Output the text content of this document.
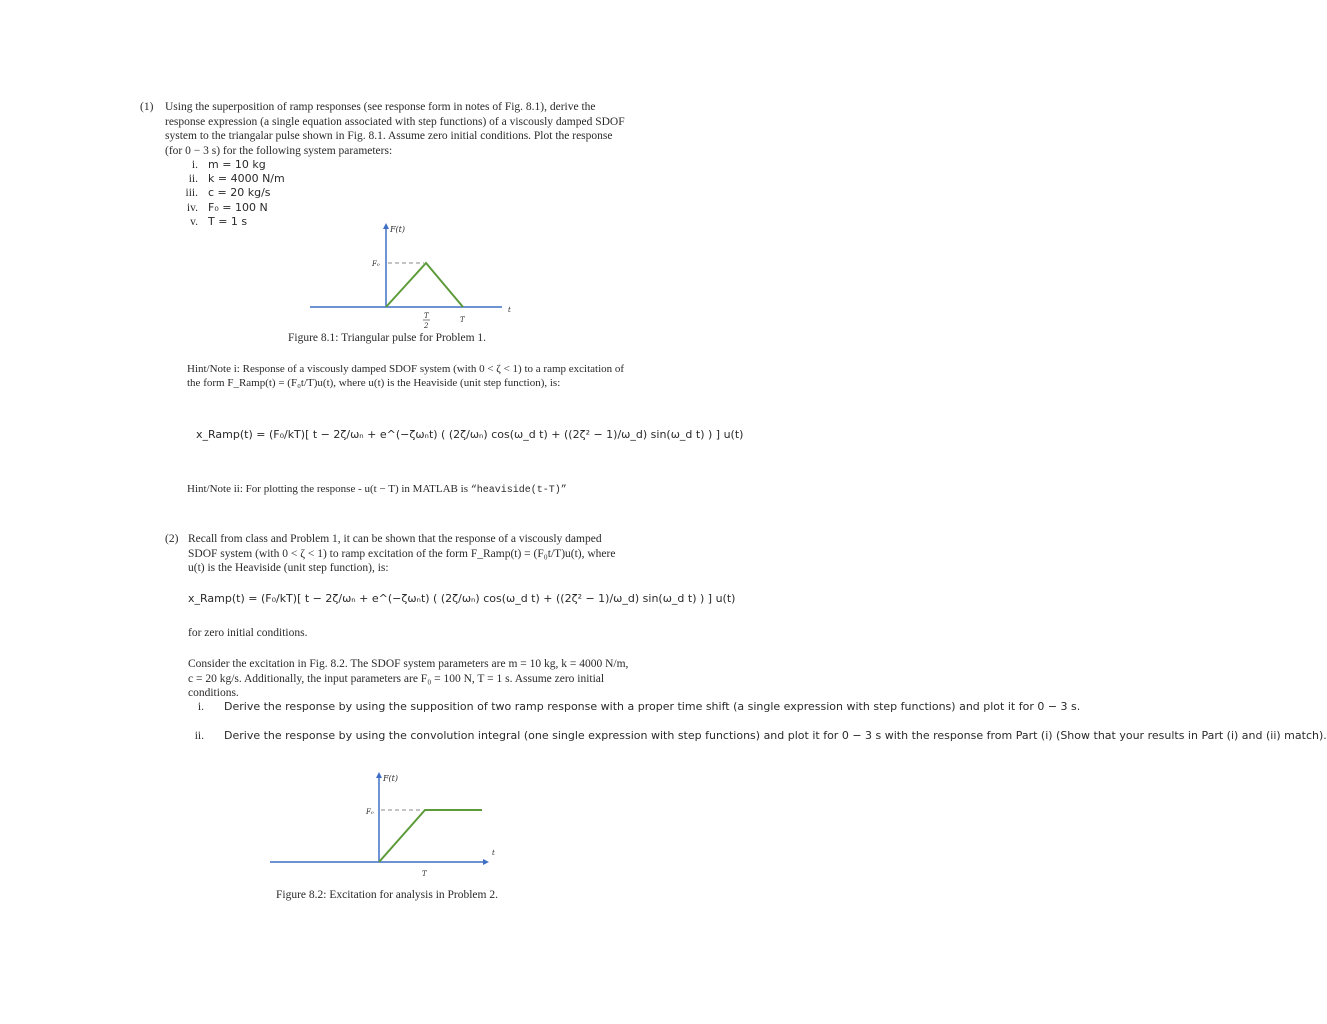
(1) Using the superposition of ramp responses (see response form in notes of Fig. 8.1), derive the response expression (a single equation associated with step functions) of a viscously damped SDOF system to the triangalar pulse shown in Fig. 8.1. Assume zero initial conditions. Plot the response (for 0 − 3 s) for the following system parameters:
i. m = 10 kg
ii. k = 4000 N/m
iii. c = 20 kg/s
iv. F₀ = 100 N
v. T = 1 s
F(t)
t
F₀
T
2
T
Figure 8.1: Triangular pulse for Problem 1.
Hint/Note i: Response of a viscously damped SDOF system (with 0 < ζ < 1) to a ramp excitation of the form F_Ramp(t) = (F₀t/T)u(t), where u(t) is the Heaviside (unit step function), is:
x_Ramp(t) = (F₀/kT)[ t − 2ζ/ωₙ + e^(−ζωₙt) ( (2ζ/ωₙ) cos(ω_d t) + ((2ζ² − 1)/ω_d) sin(ω_d t) ) ] u(t)
Hint/Note ii: For plotting the response - u(t − T) in MATLAB is “heaviside(t-T)”
(2) Recall from class and Problem 1, it can be shown that the response of a viscously damped SDOF system (with 0 < ζ < 1) to ramp excitation of the form F_Ramp(t) = (F₀t/T)u(t), where u(t) is the Heaviside (unit step function), is:
x_Ramp(t) = (F₀/kT)[ t − 2ζ/ωₙ + e^(−ζωₙt) ( (2ζ/ωₙ) cos(ω_d t) + ((2ζ² − 1)/ω_d) sin(ω_d t) ) ] u(t)
for zero initial conditions.
Consider the excitation in Fig. 8.2. The SDOF system parameters are m = 10 kg, k = 4000 N/m, c = 20 kg/s. Additionally, the input parameters are F₀ = 100 N, T = 1 s. Assume zero initial conditions.
i. Derive the response by using the supposition of two ramp response with a proper time shift (a single expression with step functions) and plot it for 0 − 3 s.
ii. Derive the response by using the convolution integral (one single expression with step functions) and plot it for 0 − 3 s with the response from Part (i) (Show that your results in Part (i) and (ii) match).
F(t)
t
F₀
T
Figure 8.2: Excitation for analysis in Problem 2.
